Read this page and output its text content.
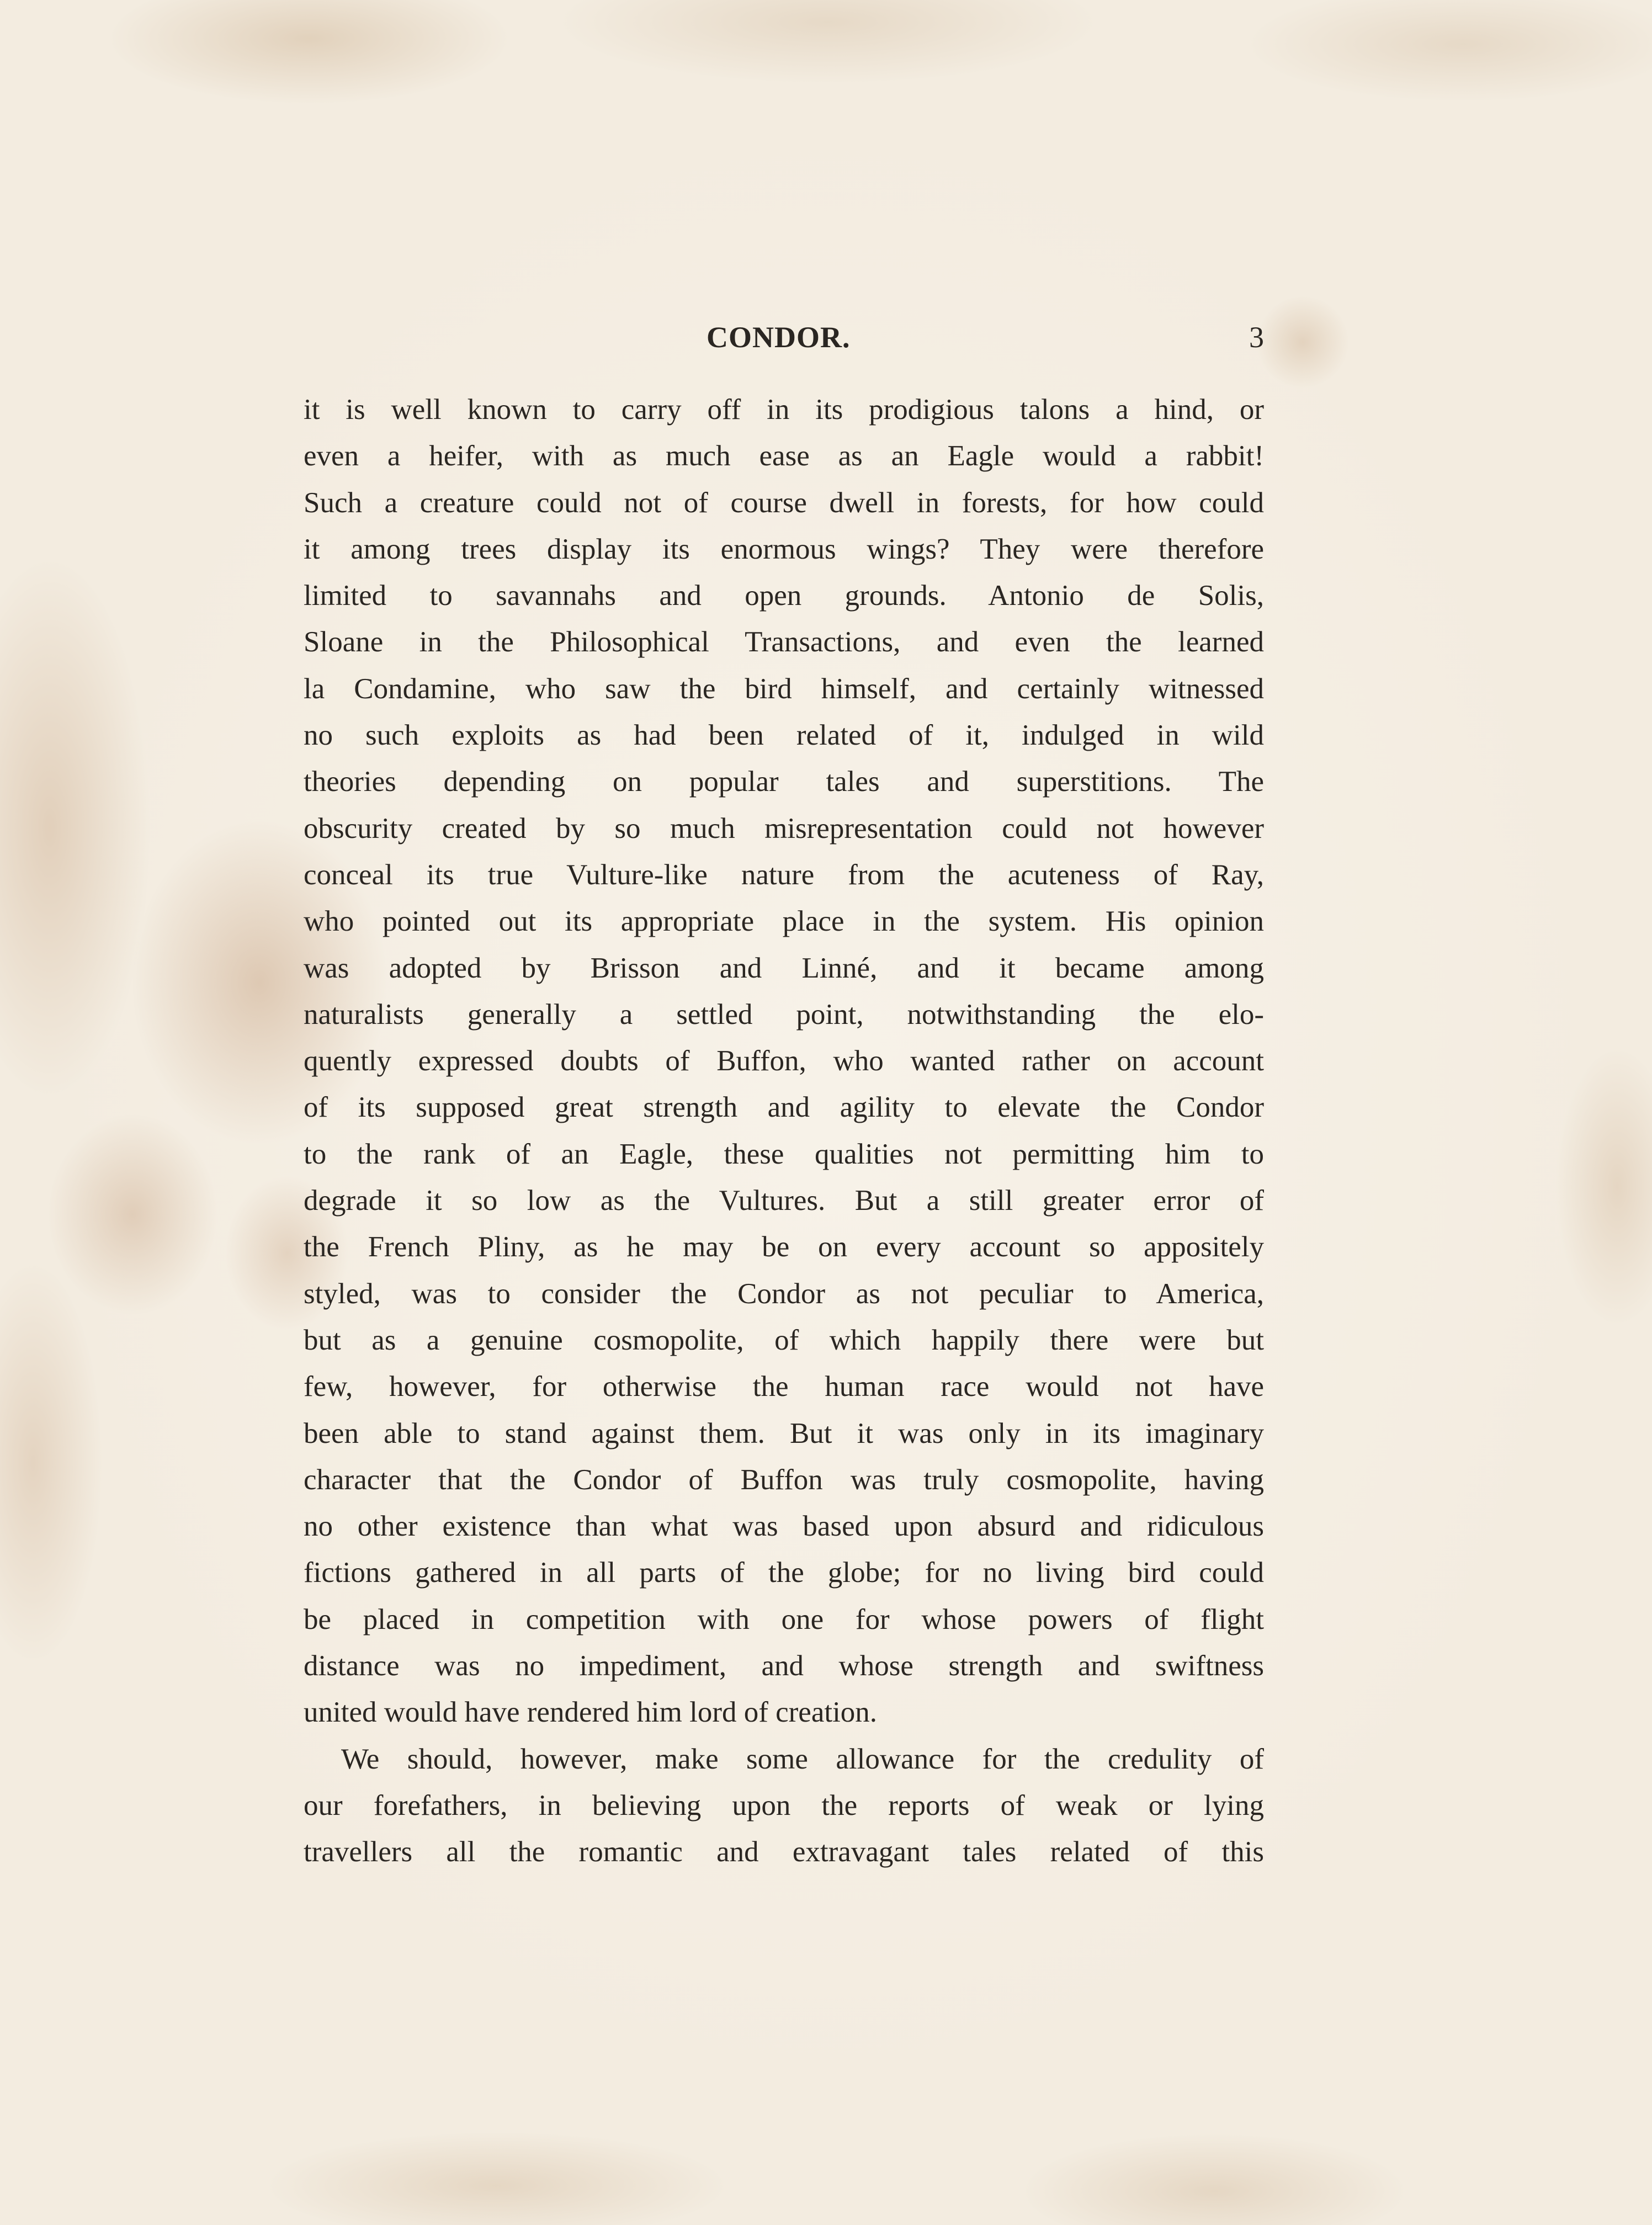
CONDOR.	3
it is well known to carry off in its prodigious talons a hind, or
even a heifer, with as much ease as an Eagle would a rabbit!
Such a creature could not of course dwell in forests, for how could
it among trees display its enormous wings? They were therefore
limited to savannahs and open grounds. Antonio de Solis,
Sloane in the Philosophical Transactions, and even the learned
la Condamine, who saw the bird himself, and certainly witnessed
no such exploits as had been related of it, indulged in wild
theories depending on popular tales and superstitions. The
obscurity created by so much misrepresentation could not however
conceal its true Vulture-like nature from the acuteness of Ray,
who pointed out its appropriate place in the system. His opinion
was adopted by Brisson and Linné, and it became among
naturalists generally a settled point, notwithstanding the elo-
quently expressed doubts of Buffon, who wanted rather on account
of its supposed great strength and agility to elevate the Condor
to the rank of an Eagle, these qualities not permitting him to
degrade it so low as the Vultures. But a still greater error of
the French Pliny, as he may be on every account so appositely
styled, was to consider the Condor as not peculiar to America,
but as a genuine cosmopolite, of which happily there were but
few, however, for otherwise the human race would not have
been able to stand against them. But it was only in its imaginary
character that the Condor of Buffon was truly cosmopolite, having
no other existence than what was based upon absurd and ridiculous
fictions gathered in all parts of the globe; for no living bird could
be placed in competition with one for whose powers of flight
distance was no impediment, and whose strength and swiftness
united would have rendered him lord of creation.
We should, however, make some allowance for the credulity of
our forefathers, in believing upon the reports of weak or lying
travellers all the romantic and extravagant tales related of this
